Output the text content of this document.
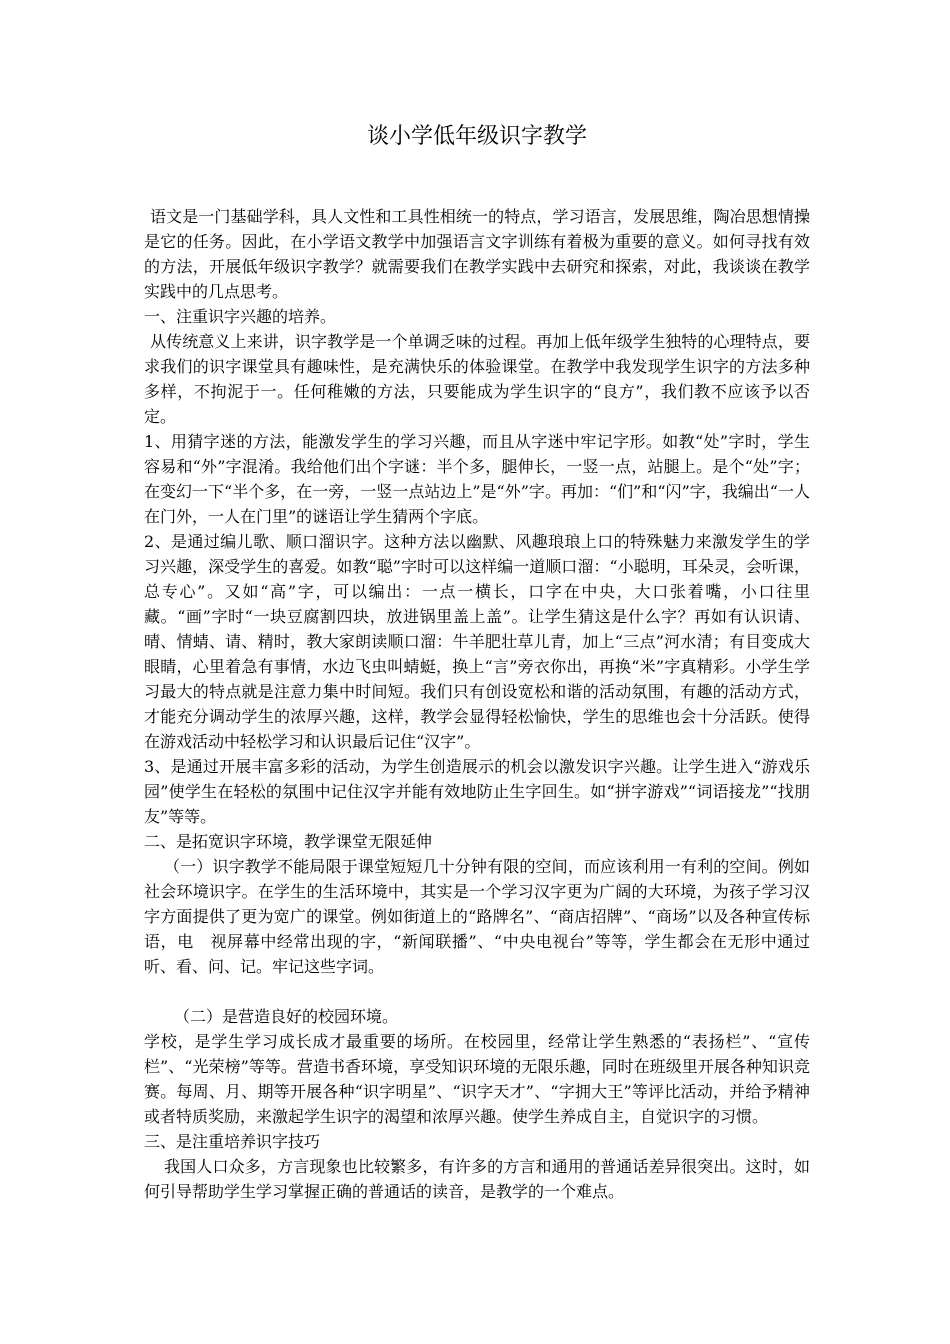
谈小学低年级识字教学

语文是一门基础学科，具人文性和工具性相统一的特点，学习语言，发展思维，陶冶思想情操是它的任务。因此，在小学语文教学中加强语言文字训练有着极为重要的意义。如何寻找有效的方法，开展低年级识字教学？就需要我们在教学实践中去研究和探索，对此，我谈谈在教学实践中的几点思考。

一、注重识字兴趣的培养。

从传统意义上来讲，识字教学是一个单调乏味的过程。再加上低年级学生独特的心理特点，要求我们的识字课堂具有趣味性，是充满快乐的体验课堂。在教学中我发现学生识字的方法多种多样，不拘泥于一。任何稚嫩的方法，只要能成为学生识字的“良方”，我们教不应该予以否定。

1、用猜字迷的方法，能激发学生的学习兴趣，而且从字迷中牢记字形。如教“处”字时，学生容易和“外”字混淆。我给他们出个字谜：半个多，腿伸长，一竖一点，站腿上。是个“处”字；在变幻一下“半个多，在一旁，一竖一点站边上”是“外”字。再加：“们”和“闪”字，我编出“一人在门外，一人在门里”的谜语让学生猜两个字底。

2、是通过编儿歌、顺口溜识字。这种方法以幽默、风趣琅琅上口的特殊魅力来激发学生的学习兴趣，深受学生的喜爱。如教“聪”字时可以这样编一道顺口溜：“小聪明，耳朵灵，会听课，总专心”。又如“高”字，可以编出：一点一横长，口字在中央，大口张着嘴，小口往里藏。“画”字时“一块豆腐割四块，放进锅里盖上盖”。让学生猜这是什么字？再如有认识请、晴、情蜻、请、精时，教大家朗读顺口溜：牛羊肥壮草儿青，加上“三点”河水清；有目变成大眼睛，心里着急有事情，水边飞虫叫蜻蜓，换上“言”旁衣你出，再换“米”字真精彩。小学生学习最大的特点就是注意力集中时间短。我们只有创设宽松和谐的活动氛围，有趣的活动方式，才能充分调动学生的浓厚兴趣，这样，教学会显得轻松愉快，学生的思维也会十分活跃。使得在游戏活动中轻松学习和认识最后记住“汉字”。

3、是通过开展丰富多彩的活动，为学生创造展示的机会以激发识字兴趣。让学生进入“游戏乐园”使学生在轻松的氛围中记住汉字并能有效地防止生字回生。如“拼字游戏”“词语接龙”“找朋友”等等。

二、是拓宽识字环境，教学课堂无限延伸

（一）识字教学不能局限于课堂短短几十分钟有限的空间，而应该利用一有利的空间。例如社会环境识字。在学生的生活环境中，其实是一个学习汉字更为广阔的大环境，为孩子学习汉字方面提供了更为宽广的课堂。例如街道上的“路牌名”、“商店招牌”、“商场”以及各种宣传标语，电　视屏幕中经常出现的字，“新闻联播”、“中央电视台”等等，学生都会在无形中通过听、看、问、记。牢记这些字词。

（二）是营造良好的校园环境。

学校，是学生学习成长成才最重要的场所。在校园里，经常让学生熟悉的“表扬栏”、“宣传栏”、“光荣榜”等等。营造书香环境，享受知识环境的无限乐趣，同时在班级里开展各种知识竞赛。每周、月、期等开展各种“识字明星”、“识字天才”、“字拥大王”等评比活动，并给予精神或者特质奖励，来激起学生识字的渴望和浓厚兴趣。使学生养成自主，自觉识字的习惯。

三、是注重培养识字技巧

我国人口众多，方言现象也比较繁多，有许多的方言和通用的普通话差异很突出。这时，如何引导帮助学生学习掌握正确的普通话的读音，是教学的一个难点。
